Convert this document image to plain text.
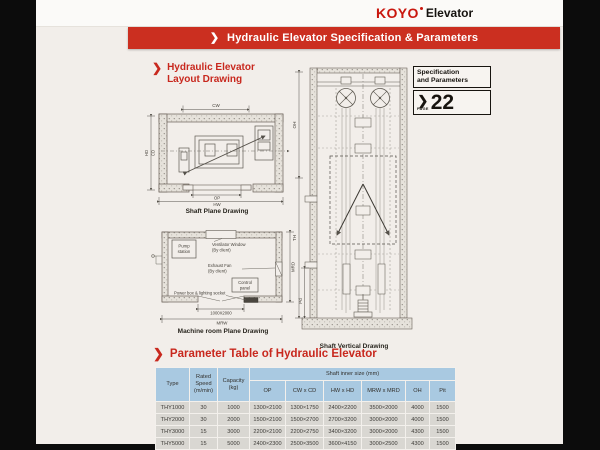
KOYO Elevator
❯ Hydraulic Elevator Specification & Parameters
❯ Hydraulic Elevator
Layout Drawing
Specification
and Parameters
❯
PAGE 22
CW
HD CD
OP
HW
Shaft Plane Drawing
Pump
station
Ventilator Window
(By client)
Exhaust Fan
(By client)
Control
panel
Power box & lighting socket
MRD
1000X2000
MRW
Machine room Plane Drawing
OH
TH
Pd
Shaft Vertical Drawing
❯ Parameter Table of Hydraulic Elevator
Type	Rated Speed (m/min)	Capacity (kg)	Shaft inner size (mm)					
			OP	CW x CD	HW x HD	MRW x MRD	OH	Pit
THY1000	30	1000	1300×2100	1300×1750	2400×2200	3500×2000	4000	1500
THY2000	30	2000	1500×2100	1500×2700	2700×3200	3000×2000	4000	1500
THY3000	15	3000	2200×2100	2200×2750	3400×3200	3000×2000	4300	1500
THY5000	15	5000	2400×2300	2500×3500	3600×4150	3000×2500	4300	1500
